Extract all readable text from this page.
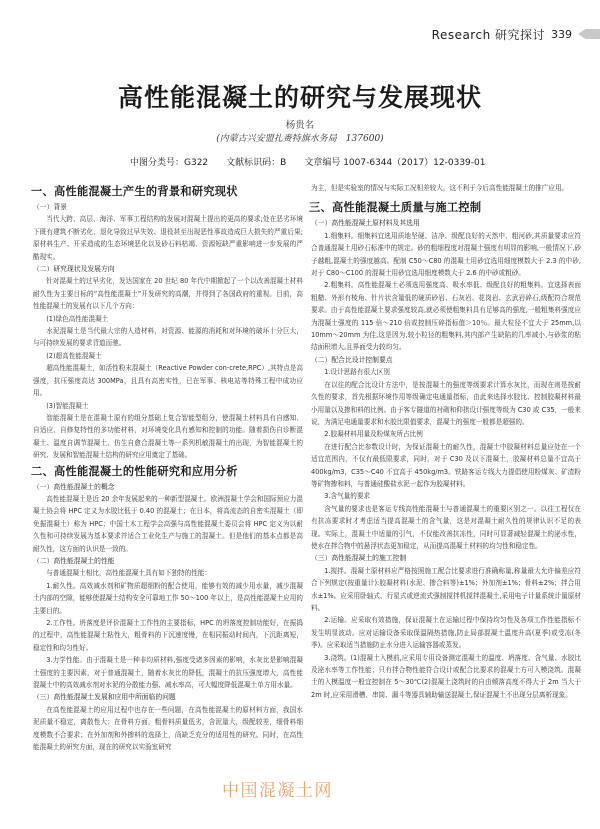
Research 研究探讨 339
高性能混凝土的研究与发展现状
杨贵名
(内蒙古兴安盟扎赉特旗水务局　137600)
中图分类号：G322 文献标识码：B 文章编号 1007-6344（2017）12-0339-01
一、高性能混凝土产生的背景和研究现状
（一）背景
当代大跨、高层、海洋、军事工程结构的发展对混凝土提出的更高的要求;处在恶劣环境下既有建筑不断劣化、退化导致过早失效、退役甚至出现恶性事故造成巨大损失的严重后果;原材料生产、开采造成的生态环境恶化以及砂石料枯竭、资源短缺严重影响进一步发展的严酷现实。
（二）研究现状及发展方向
针对混凝土的过早劣化，发达国家在 20 世纪 80 年代中期掀起了一个以改善混凝土材料耐久性为主要目标的“高性能混凝土”开发研究的高潮，并得到了各国政府的重视。目前，高性能混凝土的发展有以下几个方向：
(1)绿色高性能混凝土
水泥混凝土是当代最大宗的人造材料，对资源、能源的消耗和对环境的破坏十分巨大，与可持续发展的要求背道而驰。
(2)超高性能混凝土
超高性能混凝土，如活性粉末混凝土（Reactive Powder con-crete,RPC）,其特点是高强度，抗压强度高达 300MPa，且具有高密实性，已在军事、核电站等特殊工程中成功应用。
(3)智能混凝土
智能混凝土是在混凝土原有的组分基础上复合智能型组分，使混凝土材料具有自感知、自适应、自修复特性的多功能材料，对环境变化具有感知和控制的功能。随着损伤自诊断混凝土、温度自调节混凝土、仿生自愈合混凝土等一系列机敏混凝土的出现，为智能混凝土的研究、发展和智能混凝土结构的研究应用奠定了基础。
二、高性能混凝土的性能研究和应用分析
（一）高性能混凝土的概念
高性能混凝土是近 20 余年发展起来的一种新型混凝土。欧洲混凝土学会和国际预应力混凝土协会将 HPC 定义为水胶比低于 0.40 的混凝土；在日本，将高流态的自密实混凝土（即免振混凝土）称为 HPC；中国土木工程学会高强与高性能混凝土委员会将 HPC 定义为以耐久性和可持续发展为基本要求并适合工业化生产与施工的混凝土。但是他们的基本点都是高耐久性，这方面的认识是一致的。
（二）高性能混凝土的性能
与普通混凝土相比，高性能混凝土具有如下独特的性能：
1.耐久性。高效减水剂和矿物质超细粉的配合使用，能够有效的减少用水量，减少混凝土内部的空隙，能够使混凝土结构安全可靠地工作 50～100 年以上，是高性能混凝土应用的主要目的。
2.工作性。坍落度是评价混凝土工作性的主要指标，HPC 的坍落度控制功能好，在振捣的过程中，高性能混凝土粘性大，粗骨料的下沉速度慢，在相同振动时间内，下沉距离短，稳定性和均匀性好。
3.力学性能。由于混凝土是一种非均质材料,强度受诸多因素的影响，水灰比是影响混凝土强度的主要因素，对于普通混凝土，随着水灰比的降低，混凝土的抗压强度增大，高性能混凝土中的高效减水剂对水泥的分散能力强、减水率高，可大幅度降低混凝土单方用水量。
（三）高性能混凝土发展和应用中所面临的问题
在高性能混凝土的应用过程中也存在一些问题，在高性能混凝土的原材料方面，我国水泥质量不稳定，离散性大；在骨料方面，粗骨料质量低劣，含泥量大，级配较差，细骨料细度模数不合要求；在外加剂和外掺料的选择上，尚缺乏充分的适用性的研究。同时，在高性能混凝土的研究方面，现在的研究以实验室研究
为主，但是实验室的情况与实际工况相差较大，这不利于今后高性能混凝土的推广应用。
三、高性能混凝土质量与施工控制
（一）高性能混凝土原材料及其选用
1.细集料。细集料宜选用质地坚硬、洁净、级配良好的天然中、粗河砂,其质量要求应符合普通混凝土用砂石标准中的规定。砂的粗细程度对混凝土强度有明显的影响,一般情况下,砂子越粗,混凝土的强度越高。配制 C50～C80 的混凝土用砂宜选用细度模数大于 2.3 的中砂,对于 C80～C100 的混凝土用砂宜选用细度模数大于 2.6 的中砂或粗砂。
2.粗集料。高性能混凝土必须选用强度高、吸水率低、级配良好的粗集料。宜选择表面粗糙、外形有棱角、针片状含量低的硬质砂岩、石灰岩、花岗岩、玄武岩碎石,级配符合规范要求。由于高性能混凝土要求强度较高,就必须使粗集料具有足够高的强度,一般粗集料强度应为混凝土强度的 115 倍～210 倍或控制压碎指标值＞10％。最大粒径不宜大于 25mm,以 10mm～20mm 为佳,这是因为,较小粒径的粗集料,其内部产生缺陷的几率减小,与砂浆的粘结面积增大,且界面受力较均匀。
（二）配合比设计控制要点
1.设计思路有很大区别
在以往的配合比设计方法中，是按混凝土的强度等级要求计算水灰比，而现在则是按耐久性的要求，首先根据环境作用等级确定电通量指标，由此来选择水胶比、控制胶凝材料最小用量以及掺和料的比例。由于客专隧道的衬砌和仰拱设计强度等级为 C30 或 C35，一般来说，为满足电通量要求和水胶比限值要求，混凝土的强度一般都是超强的。
2.胶凝材料用量及粉煤灰所占比例
在进行配合比参数设计时，为保证混凝土的耐久性，混凝土中胶凝材料总量应处在一个适宜范围内，不仅有最低限要求，同时，对于 C30 及以下混凝土，胶凝材料总量不宜高于 400kg/m3，C35～C40 不宜高于 450kg/m3。铁路客运专线大力提倡使用粉煤灰、矿渣粉等矿物掺和料，与普通硅酸盐水泥一起作为胶凝材料。
3.含气量的要求
含气量的要求也是客运专线高性能混凝土与普通混凝土的重要区别之一。以往工程仅在有抗冻要求时才考虑适当提高混凝土的含气量，这是对混凝土耐久性的规律认识不足的表现。实际上，混凝土中适量的引气，不仅能改善抗冻性，同时可显著减轻混凝土的泌水性，使水在拌合物中的悬浮状态更加稳定，从而提高混凝土材料的均匀性和稳定性。
（三）高性能混凝土的施工控制
1.搅拌。混凝土原材料应严格按照施工配合比要求进行准确称量,称量最大允许偏差应符合下列规定(按重量计):胶凝材料(水泥、掺合料等)±1%；外加剂±1%；骨料±2%；拌合用水±1%。应采用卧轴式、行星式或逆流式强制搅拌机搅拌混凝土,采用电子计量系统计量原材料。
2.运输。应采取有效措施，保证混凝土在运输过程中保持均匀性及各项工作性能指标不发生明显波动。应对运输设备采取保温隔热措施,防止局部混凝土温度升高(夏季)或受冻(冬季)。应采取适当措施防止水分进入运输容器或蒸发。
3.浇筑。(1)混凝土入模前,应采用专用设备测定混凝土的温度、坍落度、含气量、水胶比及泌水率等工作性能；只有拌合物性能符合设计或配合比要求的混凝土方可入模浇筑。混凝土的入模温度一般宜控制在 5～30℃(2)混凝土浇筑时的自由倾落高度不得大于 2m 当大于 2m 时,应采用滑槽、串筒、漏斗等器具辅助输送混凝土,保证混凝土不出现分层离析现象。
中国混凝土网
